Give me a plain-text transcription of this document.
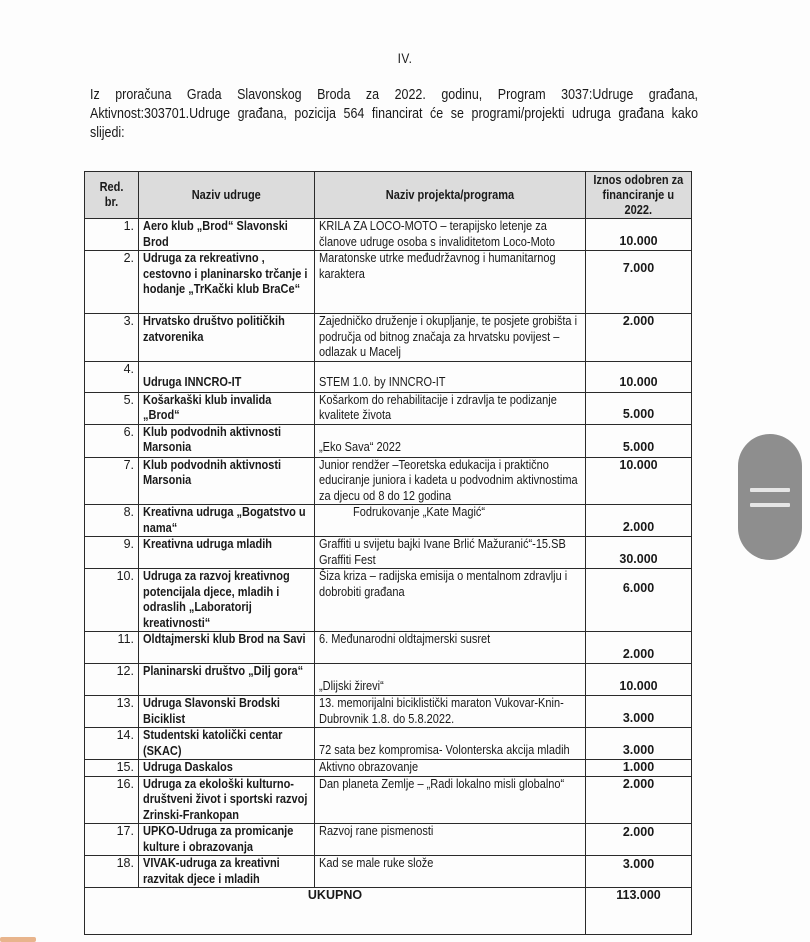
IV.
Iz proračuna Grada Slavonskog Broda za 2022. godinu, Program 3037:Udruge građana,
Aktivnost:303701.Udruge građana, pozicija 564 financirat će se programi/projekti udruga građana kako
slijedi:
Red. br.	Naziv udruge	Naziv projekta/programa	Iznos odobren za financiranje u 2022.
1.	Aero klub „Brod“ Slavonski Brod	KRILA ZA LOCO-MOTO – terapijsko letenje za članove udruge osoba s invaliditetom Loco-Moto	10.000
2.	Udruga za rekreativno , cestovno i planinarsko trčanje i hodanje „TrKački klub BraCe“	Maratonske utrke međudržavnog i humanitarnog karaktera	7.000
3.	Hrvatsko društvo političkih zatvorenika	Zajedničko druženje i okupljanje, te posjete grobišta i područja od bitnog značaja za hrvatsku povijest – odlazak u Macelj	2.000
4.	Udruga INNCRO-IT	STEM 1.0. by INNCRO-IT	10.000
5.	Košarkaški klub invalida „Brod“	Košarkom do rehabilitacije i zdravlja te podizanje kvalitete života	5.000
6.	Klub podvodnih aktivnosti Marsonia	„Eko Sava“ 2022	5.000
7.	Klub podvodnih aktivnosti Marsonia	Junior rendžer –Teoretska edukacija i praktično educiranje juniora i kadeta u podvodnim aktivnostima za djecu od 8 do 12 godina	10.000
8.	Kreativna udruga „Bogatstvo u nama“	Fodrukovanje „Kate Magić“	2.000
9.	Kreativna udruga mladih	Graffiti u svijetu bajki Ivane Brlić Mažuranić“-15.SB Graffiti Fest	30.000
10.	Udruga za razvoj kreativnog potencijala djece, mladih i odraslih „Laboratorij kreativnosti“	Šiza kriza – radijska emisija o mentalnom zdravlju i dobrobiti građana	6.000
11.	Oldtajmerski klub Brod na Savi	6. Međunarodni oldtajmerski susret	2.000
12.	Planinarski društvo „Dilj gora“	„Dlijski žirevi“	10.000
13.	Udruga Slavonski Brodski Biciklist	13. memorijalni biciklistički maraton Vukovar-Knin-Dubrovnik 1.8. do 5.8.2022.	3.000
14.	Studentski katolički centar (SKAC)	72 sata bez kompromisa- Volonterska akcija mladih	3.000
15.	Udruga Daskalos	Aktivno obrazovanje	1.000
16.	Udruga za ekološki kulturno-društveni život i sportski razvoj Zrinski-Frankopan	Dan planeta Zemlje – „Radi lokalno misli globalno“	2.000
17.	UPKO-Udruga za promicanje kulture i obrazovanja	Razvoj rane pismenosti	2.000
18.	VIVAK-udruga za kreativni razvitak djece i mladih	Kad se male ruke slože	3.000
UKUPNO			113.000
